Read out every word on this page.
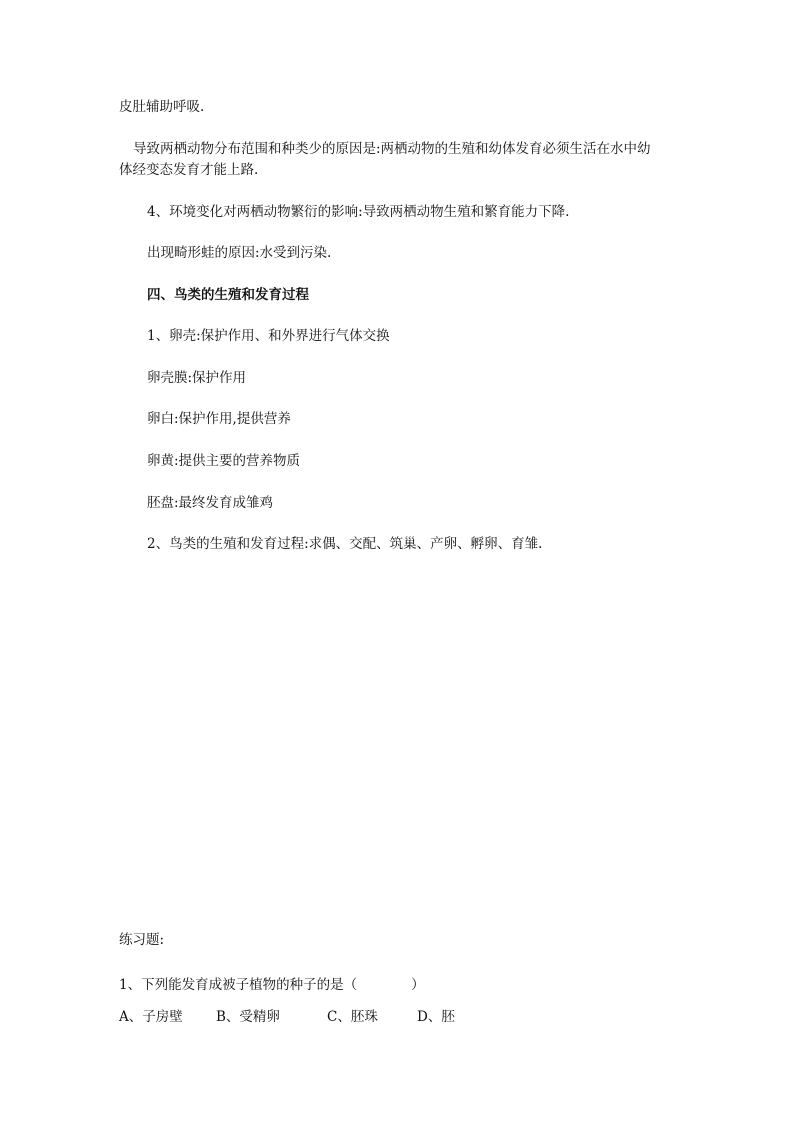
皮肚辅助呼吸.
导致两栖动物分布范围和种类少的原因是:两栖动物的生殖和幼体发育必须生活在水中幼
体经变态发育才能上路.
4、环境变化对两栖动物繁衍的影响:导致两栖动物生殖和繁育能力下降.
出现畸形蛙的原因:水受到污染.
四、鸟类的生殖和发育过程
1、卵壳:保护作用、和外界进行气体交换
卵壳膜:保护作用
卵白:保护作用,提供营养
卵黄:提供主要的营养物质
胚盘:最终发育成雏鸡
2、鸟类的生殖和发育过程:求偶、交配、筑巢、产卵、孵卵、育雏.
练习题:
1、下列能发育成被子植物的种子的是（　　　　）
A、子房壁 B、受精卵	C、胚珠	D、胚
